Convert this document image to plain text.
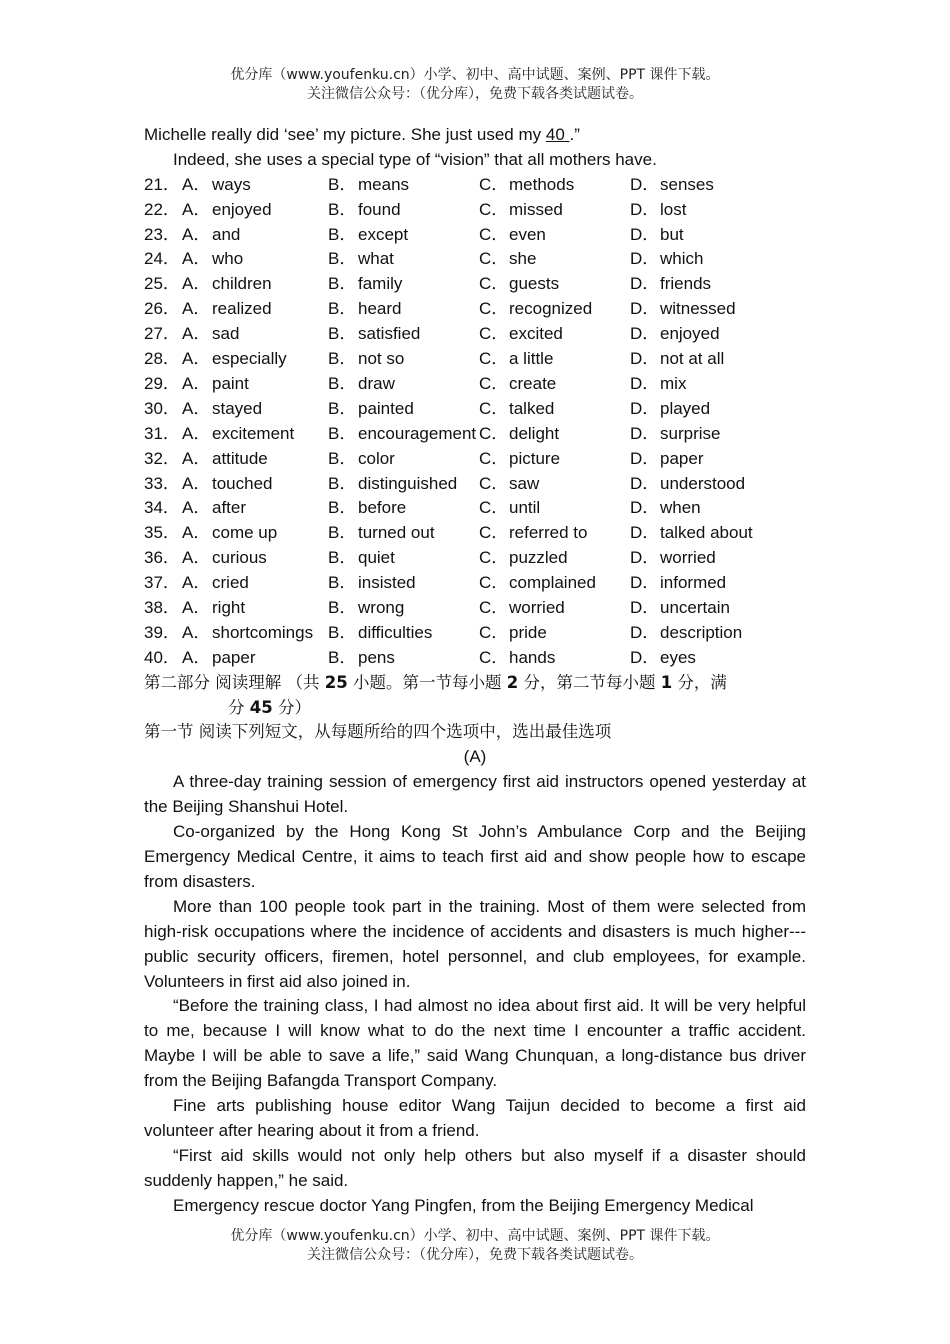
优分库（www.youfenku.cn）小学、初中、高中试题、案例、PPT 课件下载。
关注微信公众号：（优分库），免费下载各类试题试卷。

Michelle really did ‘see’ my picture. She just used my 40 .”

Indeed, she uses a special type of “vision” that all mothers have.

21． A． ways	B． means	C． methods	D． senses
22． A． enjoyed	B． found	C． missed	D． lost
23． A． and	B． except	C． even	D． but
24． A． who	B． what	C． she	D． which
25． A． children	B． family	C． guests	D． friends
26． A． realized	B． heard	C． recognized D． witnessed
27． A． sad	B． satisfied	C． excited	D． enjoyed
28． A． especially B． not so	C． a little	D． not at all
29． A． paint	B． draw	C． create	D． mix
30． A． stayed	B． painted	C． talked	D． played
31． A． excitement B． encouragement C． delight	D． surprise
32． A． attitude	B． color	C． picture	D． paper
33． A． touched	B． distinguished C． saw	D． understood
34． A． after	B． before	C． until	D． when
35． A． come up	B． turned out	C． referred to	D． talked about
36． A． curious	B． quiet	C． puzzled	D． worried
37． A． cried	B． insisted	C． complained D． informed
38． A． right	B． wrong	C． worried	D． uncertain
39． A． shortcomings B． difficulties	C． pride	D． description
40． A． paper	B． pens	C． hands	D． eyes

第二部分 阅读理解 （共 25 小题。第一节每小题 2 分，第二节每小题 1 分，满

分 45 分）

第一节 阅读下列短文，从每题所给的四个选项中，选出最佳选项

(A)

A three-day training session of emergency first aid instructors opened yesterday at the Beijing Shanshui Hotel.

Co-organized by the Hong Kong St John’s Ambulance Corp and the Beijing Emergency Medical Centre, it aims to teach first aid and show people how to escape from disasters.

More than 100 people took part in the training. Most of them were selected from high-risk occupations where the incidence of accidents and disasters is much higher---public security officers, firemen, hotel personnel, and club employees, for example. Volunteers in first aid also joined in.

“Before the training class, I had almost no idea about first aid. It will be very helpful to me, because I will know what to do the next time I encounter a traffic accident. Maybe I will be able to save a life,” said Wang Chunquan, a long-distance bus driver from the Beijing Bafangda Transport Company.

Fine arts publishing house editor Wang Taijun decided to become a first aid volunteer after hearing about it from a friend.

“First aid skills would not only help others but also myself if a disaster should suddenly happen,” he said.

Emergency rescue doctor Yang Pingfen, from the Beijing Emergency Medical

优分库（www.youfenku.cn）小学、初中、高中试题、案例、PPT 课件下载。
关注微信公众号：（优分库），免费下载各类试题试卷。
